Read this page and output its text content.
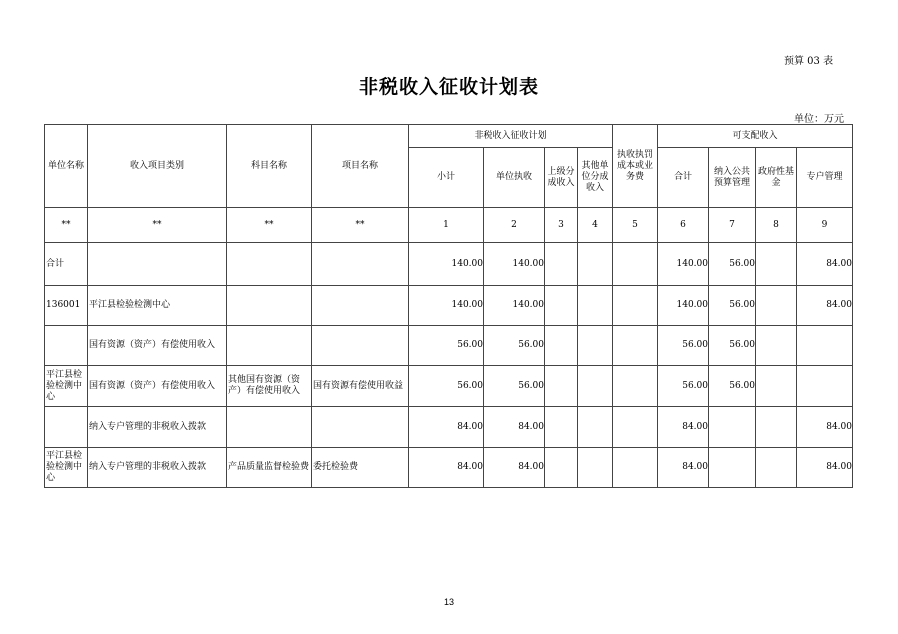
预算 03 表
非税收入征收计划表
单位：万元
单位名称	收入项目类别	科目名称	项目名称	非税收入征收计划				执收执罚成本或业务费	可支配收入			
				小计	单位执收	上级分成收入	其他单位分成收入		合计	纳入公共预算管理	政府性基金	专户管理
**	**	**	**	1	2	3	4	5	6	7	8	9
合计				140.00	140.00				140.00	56.00		84.00
136001	平江县检验检测中心			140.00	140.00				140.00	56.00		84.00
	国有资源（资产）有偿使用收入			56.00	56.00				56.00	56.00		
平江县检验检测中心	国有资源（资产）有偿使用收入	其他国有资源（资产）有偿使用收入	国有资源有偿使用收益	56.00	56.00				56.00	56.00		
	纳入专户管理的非税收入拨款			84.00	84.00				84.00			84.00
平江县检验检测中心	纳入专户管理的非税收入拨款	产品质量监督检验费	委托检验费	84.00	84.00				84.00			84.00
13
